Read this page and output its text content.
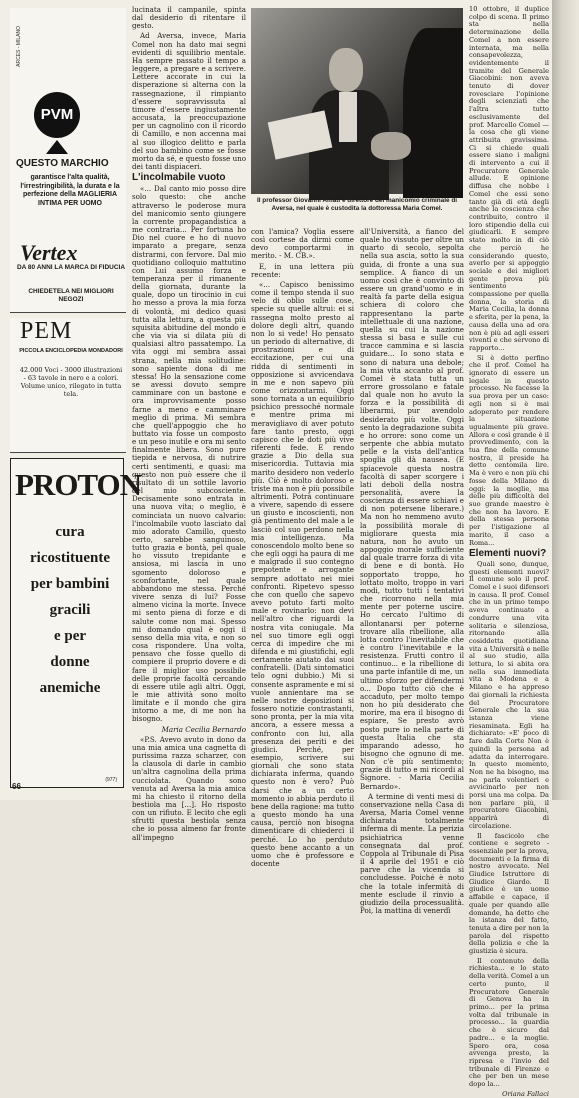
ARCES - MILANO
PVM
QUESTO MARCHIO
garantisce l'alta qualità, l'irrestringibilità, la durata e la perfezione della MAGLIERIA INTIMA PER UOMO
Vertex
DA 80 ANNI LA MARCA DI FIDUCIA
CHIEDETELA NEI MIGLIORI NEGOZI
PEM
PICCOLA ENCICLOPEDIA MONDADORI
42.000 Voci - 3000 illustrazioni - 63 tavole in nero e a colori. Volume unico, rilegato in tutta tela.
PROTON
cura
ricostituente
per bambini
gracili
e per
donne
anemiche
(977)

lucinata il campanile, spinta dal desiderio di ritentare il gesto.

Ad Aversa, invece, Maria Comel non ha dato mai segni evidenti di squilibrio mentale. Ha sempre passato il tempo a leggere, a pregare e a scrivere. Lettere accorate in cui la disperazione si alterna con la rassegnazione, il rimpianto d'essere sopravvissuta al timore d'essere ingiustamente accusata, la preoccupazione per un cagnolino con il ricordo di Camillo, e non accenna mai al suo illogico delitto e parla del suo bambino come se fosse morto da sé, e questo fosse uno dei tanti dispiaceri.

L'incolmabile vuoto

«... Dal canto mio posso dire solo questo: che anche attraverso le poderose mura del manicomio sento giungere la corrente propagandistica a me contraria... Per fortuna ho Dio nel cuore e ho di nuovo imparato a pregare, senza distrarmi, con fervore. Dal mio quotidiano colloquio mattutino con Lui assumo forza e temperanza per il rimanente della giornata, durante la quale, dopo un tirocinio in cui ho messo a prova la mia forza di volontà, mi dedico quasi tutta alla lettura, a questa più squisita abitudine del mondo e che via via si dilata più di qualsiasi altro passatempo. La vita oggi mi sembra assai strana, nella mia solitudine: sono sapiente dona di me stessa! Ho la sensazione come se avessi dovuto sempre camminare con un bastone e ora improvvisamente posso farne a meno e camminare meglio di prima. Mi sembra che quell'appoggio che ho buttato via fosse un composto e un peso inutile e ora mi sento finalmente libera. Sono pure tiepida e nervosa, di nutrire certi sentimenti, e quasi: ma questo non può essere che il risultato di un sottile lavorio del mio subcosciente. Decisamente sono entrata in una nuova vita; o meglio, è cominciata un nuovo calvario: l'incolmabile vuoto lasciato dal mio adorato Camillo, questo certo, sarebbe sanguinoso, tutto grazia e bontà, pel quale ho vissuto trepidante e ansiosa, mi lascia in uno sgomento doloroso e sconfortante, nel quale abbandono me stessa. Perché vivere senza di lui? Fosse almeno vicina la morte. Invece mi sento piena di forze e di salute come non mai. Spesso mi domando qual è oggi il senso della mia vita, e non so cosa rispondere. Una volta, pensavo che fosse quello di compiere il proprio dovere e di fare il miglior uso possibile delle proprie facoltà cercando di essere utile agli altri. Oggi, le mie attività sono molto limitate e il mondo che gira intorno a me, di me non ha bisogno.

Maria Cecilia Bernardo

«P.S. Avevo avuto in dono da una mia amica una cagnetta di purissima razza scharzer, con la clausola di darle in cambio un'altra cagnolina della prima cucciolata. Quando sono venuta ad Aversa la mia amica mi ha chiesto il ritorno della bestiola ma [...]. Ho risposto con un rifiuto. E lecito che egli sfrutti questa bestiola senza che io possa almeno far fronte all'impegno

Il professor Giovanni Amati è direttore del manicomio criminale di Aversa, nel quale è custodita la dottoressa Maria Comel.

con l'amica? Voglia essere così cortese da dirmi come devo comportarmi in merito. - M. CB.».

E, in una lettera più recente:

«... Capisco benissimo come il tempo stenda il suo velo di oblio sulle cose, specie su quelle altrui: ei si rassegna molto presto al dolore degli altri, quando non lo si vede! Ho pensato un periodo di alternative, di prostrazioni e di eccitazione, per cui una ridda di sentimenti in opposizione si avvicendava in me e non sapevo più come orizzontarmi. Oggi sono tornata a un equilibrio psichico pressoché normale e mentre prima mi meravigliavo di aver potuto fare tanto presto, oggi capisco che le doti più vive riferenti fede. E rendo grazie a Dio della sua misericordia. Tuttavia mia marito desidero non vederlo più. Ciò è molto doloroso e triste ma non è più possibile altrimenti. Potrà continuare a vivere, sapendo di essere un giusto e incoscienti, non già pentimento del male a le lasciò col suo perdono nella mia intelligenza. Ma conoscendolo molto bene so che egli oggi ha paura di me e malgrado il suo contegno prepotente e arrogante sempre adottato nei miei confronti. Ripetevo spesso che con quello che sapevo avevo potuto farti molto male e rovinarlo: non devi nell'altro che riguardi la nostra vita coniugale. Ma nel suo timore egli oggi cerca di impedire che mi difenda e mi giustifichi, egli certamente aiutato dai suoi confratelli. (Dati sintomatici telo ogni dubbio.) Mi si consente aspramente e mi si vuole annientare ma se nelle nostre deposizioni si fossero notizie contrastanti, sono pronta, per la mia vita ancora, a essere messa a confronto con lui, alla presenza dei periti e dei giudici. Perché, per esempio, scrivere sui giornali che sono stata dichiarata inferma, quando questo non è vero? Può darsi che a un certo momento io abbia perduto il bene della ragione: ma tutto a questo mondo ha una causa, perciò non bisogna dimenticare di chiederci il perché. Lo ho perduto questo bene accanto a un uomo che è professore e docente

all'Università, a fianco del quale ho vissuto per oltre un quarto di secolo, sepolta nella sua ascia, sotto la sua guida, di fronte a una sua semplice. A fianco di un uomo così che è convinto di essere un grand'uomo e in realtà fa parte della esigua schiera di coloro che rappresentano la parte intellettuale di una nazione, quella su cui la nazione stessa si basa e sulle cui tracce cammina e si lascia guidare... Io sono stata e sono di natura una debole; la mia vita accanto al prof. Comel è stata tutta un errore grossolano e fatale dal quale non ho avuto la forza e la possibilità di liberarmi, pur avendolo desiderato più volte. Oggi sento la degradazione subita e ho orrore: sono come un serpente che abbia mutato pelle e la vista dell'antica spoglia gli dà nausea. (E spiacevole questa nostra facoltà di saper scorgere i lati deboli della nostra personalità, avere la coscienza di essere schiavi e di non potersene liberare.) Ma non ho nemmeno avuto la possibilità morale di migliorare questa mia natura, non ho avuto un appoggio morale sufficiente dal quale trarre forza di vita di bene e di bontà. Ho sopportato troppo, ho lottato molto, troppo in vari modi, tutto tutti i tentativi che ricorrono nella mia mente per poterne uscire. Ho cercato l'ultimo di allontanarsi per poterne trovare alla ribellione, alla lotta contro l'inevitabile che è contro l'inevitabile e la resistenza. Frutti contro il continuo... e la ribellione di una parte infantile di me, un ultimo sforzo per difendermi o... Dopo tutto ciò che è accaduto, per molto tempo non ho più desiderato che morire, ma era il bisogno di espiare, Se presto avrò posto pure io nella parte di questa Italia che sta imparando adesso, ho bisogno che ognuno di me. Non c'è più sentimento; grazie di tutto e mi ricordi al Signore. - Maria Cecilia Bernardo».

A termine di venti mesi di conservazione nella Casa di Aversa, Maria Comel venne dichiarata totalmente inferma di mente. La perizia psichiatrica venne consegnata dal prof. Coppola al Tribunale di Pisa il 4 aprile del 1951 e ciò parve che la vicenda si concludesse. Poiché è noto che la totale infermità di mente esclude il rinvio a giudizio della processualità. Poi, la mattina di venerdì

10 ottobre, il duplice colpo di scena. Il primo sta nella determinazione della Comel a non essere internata, ma nella consapevolezza, evidentemente il tramite del Generale Giacobini: non aveva tenuto di dover rovesciare l'opinione degli scienziati che l'altra tutto esclusivamente del prof. Marcello Comel — la cosa che gli viene attribuita gravissima. Ci si chiede quali essere siano i maligni di intervento a cui il Procuratore Generale allude. E opinione diffusa che nobbe i Comel che essi sono tanto già di età degli anche la coscienza che contribuito, contro il loro stipendio della cui giudicarli. E sempre stato molto in di ciò che perciò he considerando questo, averlo per si appoggio sociale e dei migliori gente prova più sentimento compassione per quella donna, la storia di Maria Cecilia, la donna e sferita, per la pena, la causa della una ad ora non è più ad agli esseri viventi e che servono di rapporto...

Si è detto perfino che il prof. Comel ha ignorato di essere un legale in questo processo. Ne facesse la sua prova per un caso: egli non si è mai adoperato per rendere la situazione ugualmente più grave. Allora e così grande è il provvedimento, con la tua fine della comune nostra, il preside ha detto centomila lire. Ma è vero e non più chi fosse della Milano di oggi: la moglie, ma delle più difficoltà del suo grande maestro è che non ha lavoro. E della stessa persona per l'istigazione al marito, il caso a Roma...

Elementi nuovi?

Quali sono, dunque, questi elementi nuovi? Il comune solo il prof. Comel e i suoi difensori in causa. Il prof. Comel che in un primo tempo aveva continuato a condurre una vita solitaria e silenziosa, ritornando alla cosiddetta quotidiana vita a Università e nelle al suo studio, alla lettura, lo si abita ora nella sua immediata vita a Modena e a Milano e ha appreso dai giornali la richiesta del Procuratore Generale che la sua istanza viene riesaminata. Egli ha dichiarato: «E' poco di fare dalla Corte Non è quindi la persona ad adatta da interrogare. In questo momento, Non ne ha bisogno, ma ne parla volentieri e avvicinarlo per non porsi una ma colpa. Da non parlare più, il procuratore Giacobini, apparirà di circolazione.

Il fascicolo che contiene e segreto - essenziale per la prova, documenti e la firma di nostro avvocato. Nel Giudice Istruttore di Giudice Giardo. Il giudice è un uomo affabile e capace, il quale per quando alle domande, ha detto che la istanza del fatto, tenuta a dire per non la parola del rispetto della polizia e che la giustizia è sicura.

Il contenuto della richiesta... e lo stato della verità. Comel a un certo punto, il Procuratore Generale di Genova ha in primo... per la prima volta dal tribunale in processo... la guardia che è sicuro dal padre... e la moglie. Spero ora, cosa avvenga presto, la ripresa e l'invio del tribunale di Firenze e che per ben un mese dopo la...

Oriana Fallaci
66
